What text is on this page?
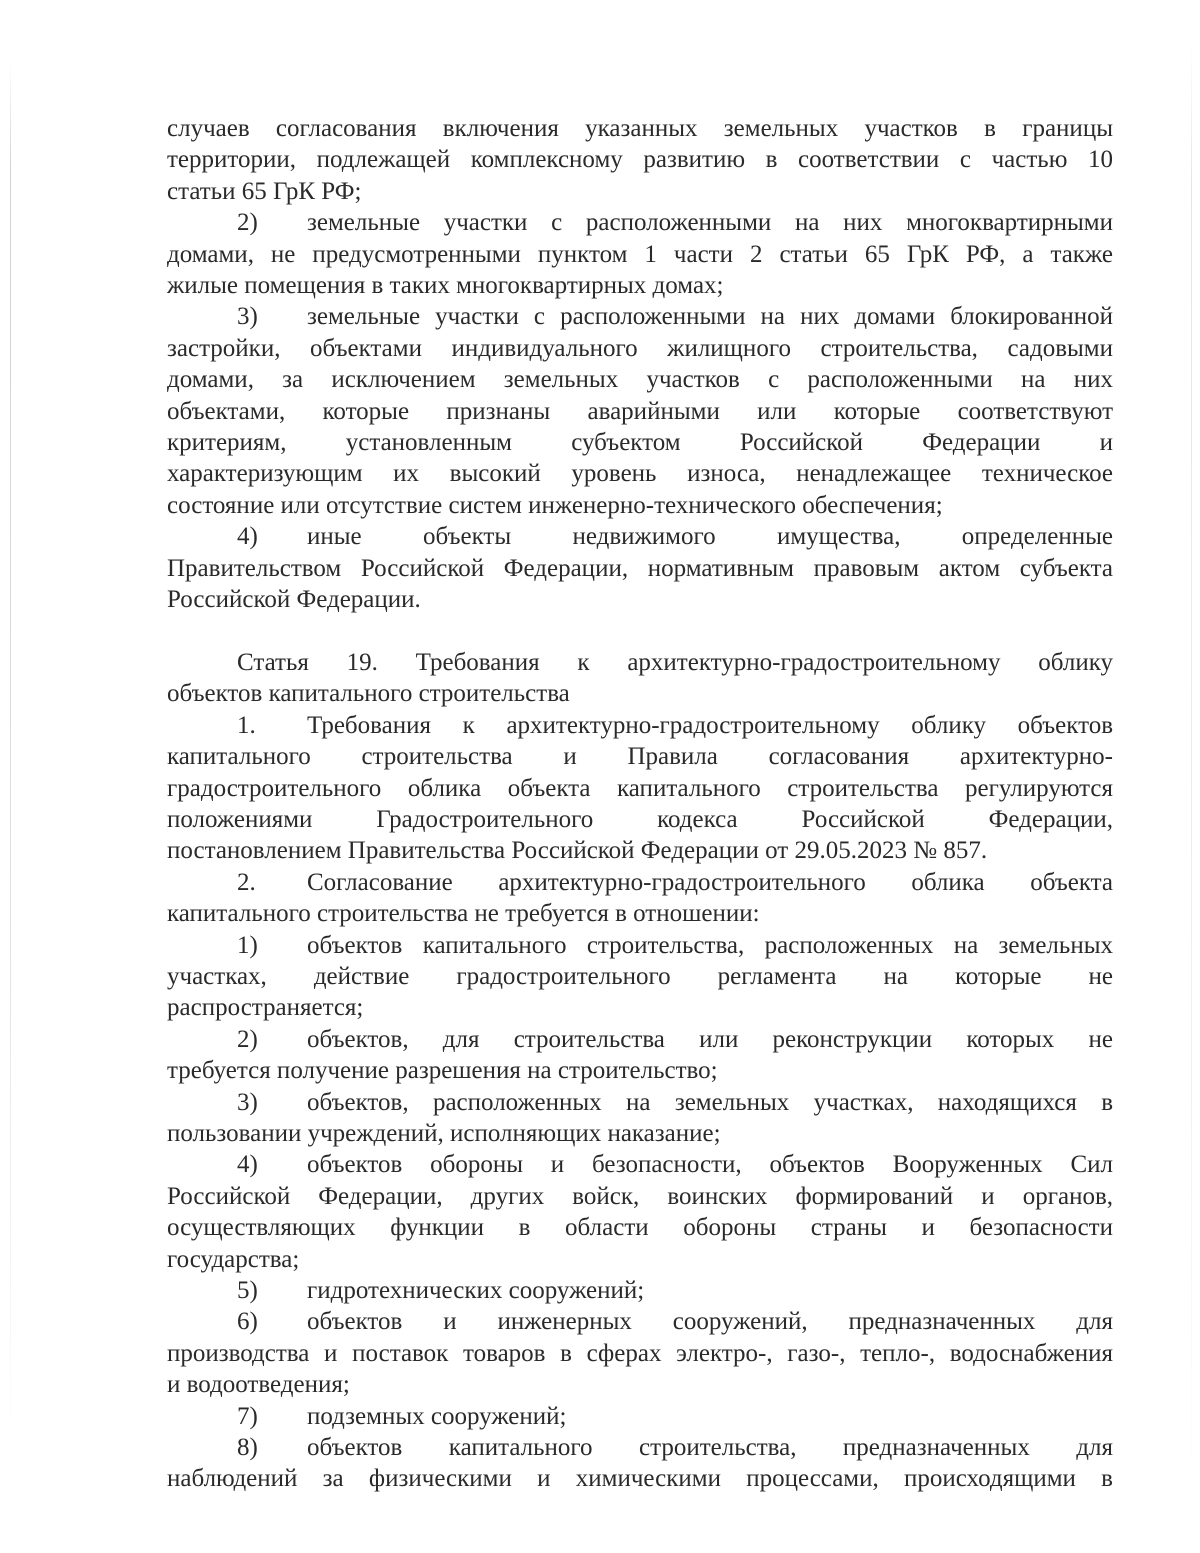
случаев согласования включения указанных земельных участков в границы

территории, подлежащей комплексному развитию в соответствии с частью 10

статьи 65 ГрК РФ;

2) земельные участки с расположенными на них многоквартирными

домами, не предусмотренными пунктом 1 части 2 статьи 65 ГрК РФ, а также

жилые помещения в таких многоквартирных домах;

3) земельные участки с расположенными на них домами блокированной

застройки, объектами индивидуального жилищного строительства, садовыми

домами, за исключением земельных участков с расположенными на них

объектами, которые признаны аварийными или которые соответствуют

критериям, установленным субъектом Российской Федерации и

характеризующим их высокий уровень износа, ненадлежащее техническое

состояние или отсутствие систем инженерно-технического обеспечения;

4) иные объекты недвижимого имущества, определенные

Правительством Российской Федерации, нормативным правовым актом субъекта

Российской Федерации.

Статья 19. Требования к архитектурно-градостроительному облику

объектов капитального строительства

1. Требования к архитектурно-градостроительному облику объектов

капитального строительства и Правила согласования архитектурно-

градостроительного облика объекта капитального строительства регулируются

положениями Градостроительного кодекса Российской Федерации,

постановлением Правительства Российской Федерации от 29.05.2023 № 857.

2. Согласование архитектурно-градостроительного облика объекта

капитального строительства не требуется в отношении:

1) объектов капитального строительства, расположенных на земельных

участках, действие градостроительного регламента на которые не

распространяется;

2) объектов, для строительства или реконструкции которых не

требуется получение разрешения на строительство;

3) объектов, расположенных на земельных участках, находящихся в

пользовании учреждений, исполняющих наказание;

4) объектов обороны и безопасности, объектов Вооруженных Сил

Российской Федерации, других войск, воинских формирований и органов,

осуществляющих функции в области обороны страны и безопасности

государства;

5) гидротехнических сооружений;

6) объектов и инженерных сооружений, предназначенных для

производства и поставок товаров в сферах электро-, газо-, тепло-, водоснабжения

и водоотведения;

7) подземных сооружений;

8) объектов капитального строительства, предназначенных для

наблюдений за физическими и химическими процессами, происходящими в
